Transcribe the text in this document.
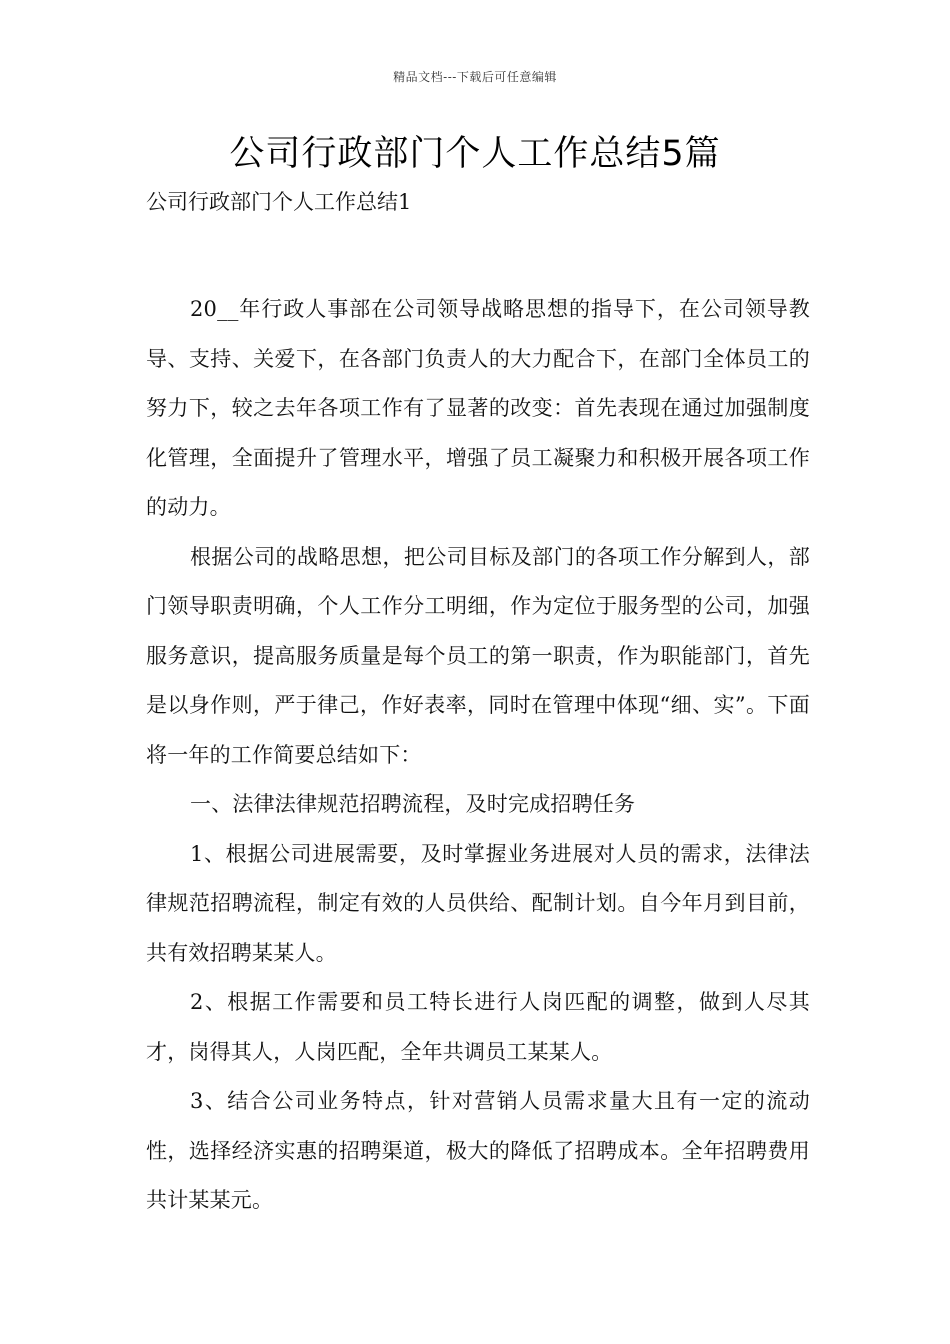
精品文档---下载后可任意编辑
公司行政部门个人工作总结5篇
公司行政部门个人工作总结1

20__年行政人事部在公司领导战略思想的指导下，在公司领导教导、支持、关爱下，在各部门负责人的大力配合下，在部门全体员工的努力下，较之去年各项工作有了显著的改变：首先表现在通过加强制度化管理，全面提升了管理水平，增强了员工凝聚力和积极开展各项工作的动力。

根据公司的战略思想，把公司目标及部门的各项工作分解到人，部门领导职责明确，个人工作分工明细，作为定位于服务型的公司，加强服务意识，提高服务质量是每个员工的第一职责，作为职能部门，首先是以身作则，严于律己，作好表率，同时在管理中体现“细、实”。下面将一年的工作简要总结如下：

一、法律法律规范招聘流程，及时完成招聘任务

1、根据公司进展需要，及时掌握业务进展对人员的需求，法律法律规范招聘流程，制定有效的人员供给、配制计划。自今年月到目前，共有效招聘某某人。

2、根据工作需要和员工特长进行人岗匹配的调整，做到人尽其才，岗得其人，人岗匹配，全年共调员工某某人。

3、结合公司业务特点，针对营销人员需求量大且有一定的流动性，选择经济实惠的招聘渠道，极大的降低了招聘成本。全年招聘费用共计某某元。
